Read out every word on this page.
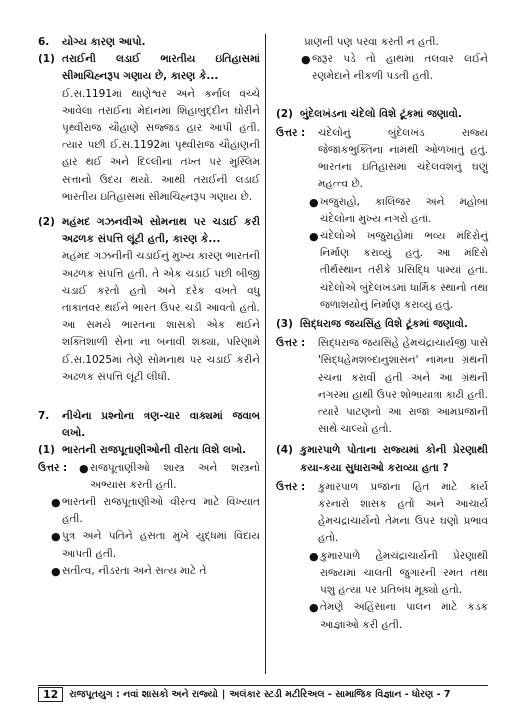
6. યોગ્ય કારણ આપો.
(1) તરાઈની લડાઈ ભારતીય ઇતિહાસમાં સીમાચિહ્નરૂપ ગણાય છે, કારણ કે...
ઈ.સ.1191માં થાણેશ્વર અને કર્નાલ વચ્ચે આવેલા તરાઈના મેદાનમાં શિહાબુદ્દીન ઘોરીને પૃથ્વીરાજ ચૌહાણે સજ્જડ હાર આપી હતી. ત્યાર પછી ઈ.સ.1192માં પૃથ્વીરાજ ચૌહાણની હાર થઈ અને દિલ્લીના તખ્ત પર મુસ્લિમ સત્તાનો ઉદય થયો. આથી તરાઈની લડાઈ ભારતીય ઇતિહાસમાં સીમાચિહ્નરૂપ ગણાય છે.
(2) મહંમદ ગઝનવીએ સોમનાથ પર ચડાઈ કરી અઢળક સંપત્તિ લૂંટી હતી, કારણ કે...
મહંમદ ગઝનીની ચડાઈનું મુખ્ય કારણ ભારતની અઢળક સંપત્તિ હતી. તે એક ચડાઈ પછી બીજી ચડાઈ કરતો હતો અને દરેક વખતે વધુ તાકાતવર થઈને ભારત ઉપર ચડી આવતો હતો. આ સમયે ભારતના શાસકો એક થઈને શક્તિશાળી સેના ના બનાવી શક્યા, પરિણામે ઈ.સ.1025માં તેણે સોમનાથ પર ચડાઈ કરીને અઢળક સંપત્તિ લૂંટી લીધી.
7. નીચેના પ્રશ્નોના ત્રણ-ચાર વાક્યમાં જવાબ લખો.
(1) ભારતની રાજપૂતાણીઓની વીરતા વિશે લખો.
ઉત્તર : ● રાજપૂતાણીઓ શાસ્ત્ર અને શસ્ત્રનો અભ્યાસ કરતી હતી.
● ભારતની રાજપૂતાણીઓ વીરત્વ માટે વિખ્યાત હતી.
● પુત્ર અને પતિને હસતા મુખે યુદ્ધમાં વિદાય આપતી હતી.
● સતીત્વ, નીડરતા અને સત્ય માટે તે
પ્રાણની પણ પરવા કરતી ન હતી.
● જરૂર પડે તો હાથમાં તલવાર લઈને રણમેદાને નીકળી પડતી હતી.
(2) બુંદેલખંડના ચંદેલો વિશે ટૂંકમાં જણાવો.
ઉત્તર : ચંદેલોનું બુંદેલખંડ રાજ્ય જેજાકભુક્તિના નામથી ઓળખાતું હતું. ભારતના ઇતિહાસમાં ચંદેલવંશનું ઘણું મહત્ત્વ છે.
● ખજુરાહો, કાલિંજર અને મહોબા ચંદેલોનાં મુખ્ય નગરો હતાં.
● ચંદેલોએ ખજુરાહોમાં ભવ્ય મંદિરોનું નિર્માણ કરાવ્યું હતું. આ મંદિરો તીર્થસ્થાન તરીકે પ્રસિદ્ધિ પામ્યાં હતાં. ચંદેલોએ બુંદેલખંડમાં ધાર્મિક સ્થાનો તથા જળાશયોનું નિર્માણ કરાવ્યું હતું.
(3) સિદ્ધરાજ જયસિંહ વિશે ટૂંકમાં જણાવો.
ઉત્તર : સિદ્ધરાજ જયસિંહે હેમચંદ્રાચાર્યજી પાસે 'સિદ્ધહેમશબ્દાનુશાસન' નામના ગ્રંથની રચના કરાવી હતી અને આ ગ્રંથની નગરમાં હાથી ઉપર શોભાયાત્રા કાઢી હતી. ત્યારે પાટણનો આ રાજા આમપ્રજાની સાથે ચાલ્યો હતો.
(4) કુમારપાળે પોતાના રાજ્યમાં કોની પ્રેરણાથી કયા-કયા સુધારાઓ કરાવ્યા હતા ?
ઉત્તર : કુમારપાળ પ્રજાના હિત માટે કાર્ય કરનારો શાસક હતો અને આચાર્ય હેમચંદ્રાચાર્યનો તેમના ઉપર ઘણો પ્રભાવ હતો.
● કુમારપાળે હેમચંદ્રાચાર્યની પ્રેરણાથી રાજ્યમાં ચાલતી જુગારની રમત તથા પશુ હત્યા પર પ્રતિબંધ મૂક્યો હતો.
● તેમણે અહિંસાના પાલન માટે કડક આજ્ઞાઓ કરી હતી.
12	રાજપૂતયુગ : નવાં શાસકો અને રાજ્યો | અલંકાર સ્ટડી મટીરિઅલ - સામાજિક વિજ્ઞાન - ધોરણ - 7
